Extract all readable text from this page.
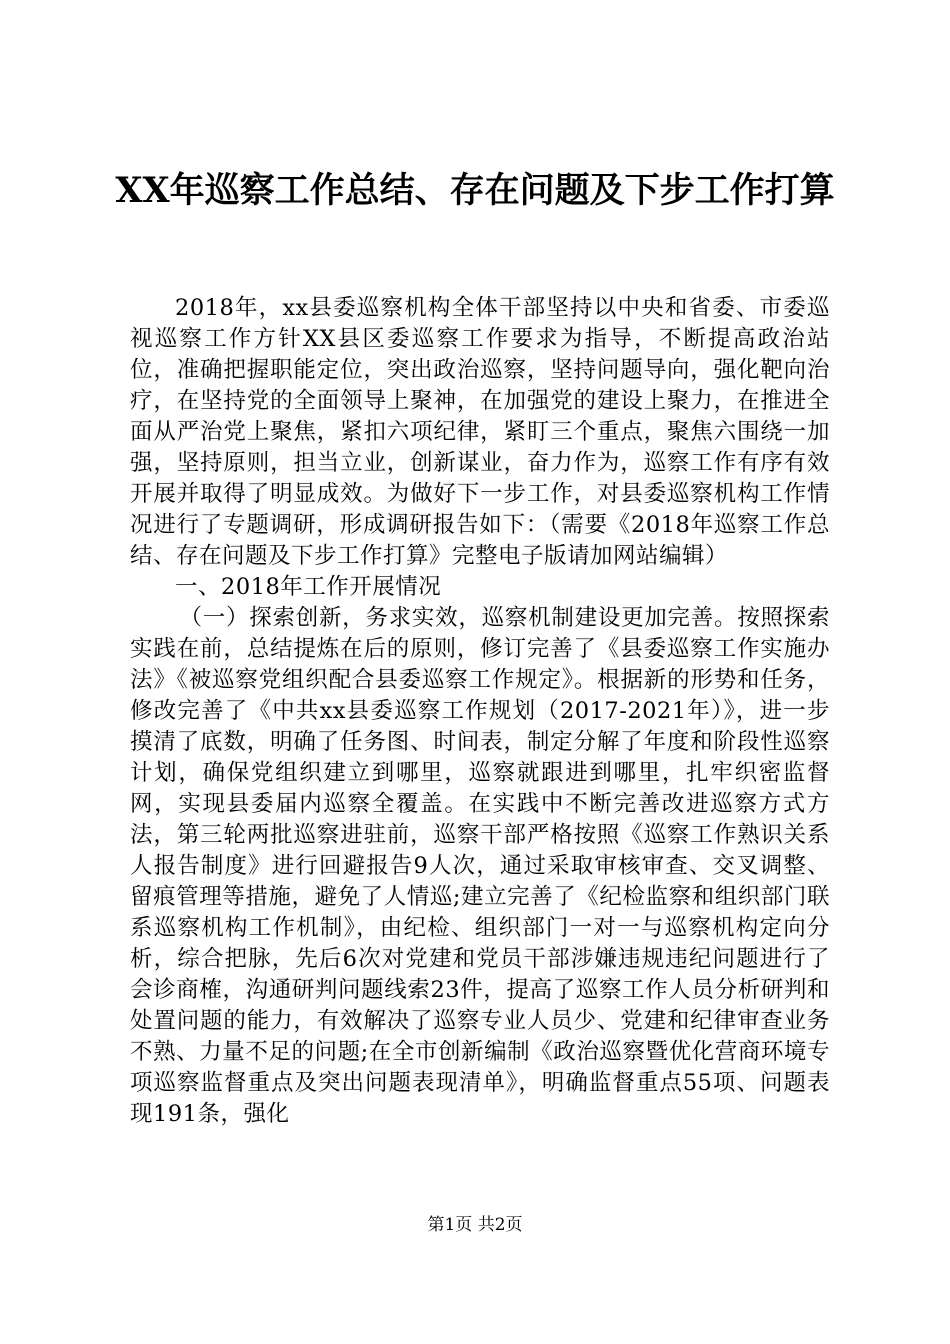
XX年巡察工作总结、存在问题及下步工作打算

2018年，xx县委巡察机构全体干部坚持以中央和省委、市委巡视巡察工作方针XX县区委巡察工作要求为指导，不断提高政治站位，准确把握职能定位，突出政治巡察，坚持问题导向，强化靶向治疗，在坚持党的全面领导上聚神，在加强党的建设上聚力，在推进全面从严治党上聚焦，紧扣六项纪律，紧盯三个重点，聚焦六围绕一加强，坚持原则，担当立业，创新谋业，奋力作为，巡察工作有序有效开展并取得了明显成效。为做好下一步工作，对县委巡察机构工作情况进行了专题调研，形成调研报告如下：（需要《2018年巡察工作总结、存在问题及下步工作打算》完整电子版请加网站编辑）

一、2018年工作开展情况

（一）探索创新，务求实效，巡察机制建设更加完善。按照探索实践在前，总结提炼在后的原则，修订完善了《县委巡察工作实施办法》《被巡察党组织配合县委巡察工作规定》。根据新的形势和任务，修改完善了《中共xx县委巡察工作规划（2017-2021年）》，进一步摸清了底数，明确了任务图、时间表，制定分解了年度和阶段性巡察计划，确保党组织建立到哪里，巡察就跟进到哪里，扎牢织密监督网，实现县委届内巡察全覆盖。在实践中不断完善改进巡察方式方法，第三轮两批巡察进驻前，巡察干部严格按照《巡察工作熟识关系人报告制度》进行回避报告9人次，通过采取审核审查、交叉调整、留痕管理等措施，避免了人情巡;建立完善了《纪检监察和组织部门联系巡察机构工作机制》，由纪检、组织部门一对一与巡察机构定向分析，综合把脉，先后6次对党建和党员干部涉嫌违规违纪问题进行了会诊商榷，沟通研判问题线索23件，提高了巡察工作人员分析研判和处置问题的能力，有效解决了巡察专业人员少、党建和纪律审查业务不熟、力量不足的问题;在全市创新编制《政治巡察暨优化营商环境专项巡察监督重点及突出问题表现清单》，明确监督重点55项、问题表现191条，强化

第1页 共2页
